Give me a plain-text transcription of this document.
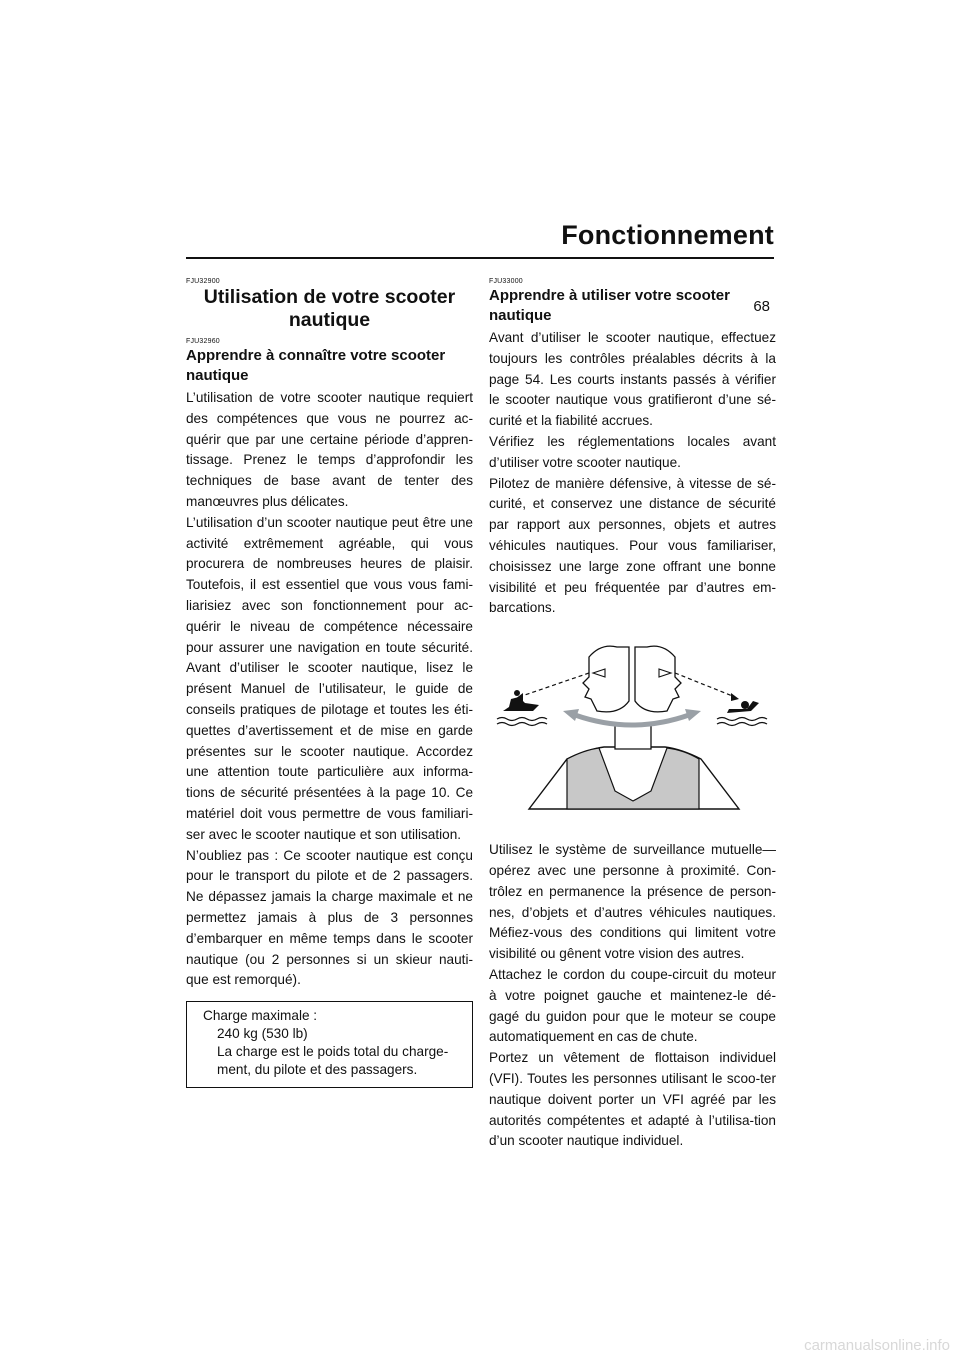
Fonctionnement
68

FJU32900

Utilisation de votre scooter
nautique

FJU32960

Apprendre à connaître votre scooter nautique

L’utilisation de votre scooter nautique requiert des compétences que vous ne pourrez ac-quérir que par une certaine période d’appren-tissage. Prenez le temps d’approfondir les techniques de base avant de tenter des manœuvres plus délicates.

L’utilisation d’un scooter nautique peut être une activité extrêmement agréable, qui vous procurera de nombreuses heures de plaisir. Toutefois, il est essentiel que vous vous fami-liarisiez avec son fonctionnement pour ac-quérir le niveau de compétence nécessaire pour assurer une navigation en toute sécurité. Avant d’utiliser le scooter nautique, lisez le présent Manuel de l’utilisateur, le guide de conseils pratiques de pilotage et toutes les éti-quettes d’avertissement et de mise en garde présentes sur le scooter nautique. Accordez une attention toute particulière aux informa-tions de sécurité présentées à la page 10. Ce matériel doit vous permettre de vous familiari-ser avec le scooter nautique et son utilisation.

N’oubliez pas : Ce scooter nautique est conçu pour le transport du pilote et de 2 passagers. Ne dépassez jamais la charge maximale et ne permettez jamais à plus de 3 personnes d’embarquer en même temps dans le scooter nautique (ou 2 personnes si un skieur nauti-que est remorqué).

Charge maximale :
240 kg (530 lb)
La charge est le poids total du charge-ment, du pilote et des passagers.

FJU33000

Apprendre à utiliser votre scooter nautique

Avant d’utiliser le scooter nautique, effectuez toujours les contrôles préalables décrits à la page 54. Les courts instants passés à vérifier le scooter nautique vous gratifieront d’une sé-curité et la fiabilité accrues.

Vérifiez les réglementations locales avant d’utiliser votre scooter nautique.

Pilotez de manière défensive, à vitesse de sé-curité, et conservez une distance de sécurité par rapport aux personnes, objets et autres véhicules nautiques. Pour vous familiariser, choisissez une large zone offrant une bonne visibilité et peu fréquentée par d’autres em-barcations.

Utilisez le système de surveillance mutuelle—opérez avec une personne à proximité. Con-trôlez en permanence la présence de person-nes, d’objets et d’autres véhicules nautiques. Méfiez-vous des conditions qui limitent votre visibilité ou gênent votre vision des autres.

Attachez le cordon du coupe-circuit du moteur à votre poignet gauche et maintenez-le dé-gagé du guidon pour que le moteur se coupe automatiquement en cas de chute.

Portez un vêtement de flottaison individuel (VFI). Toutes les personnes utilisant le scoo-ter nautique doivent porter un VFI agréé par les autorités compétentes et adapté à l’utilisa-tion d’un scooter nautique individuel.

carmanualsonline.info
